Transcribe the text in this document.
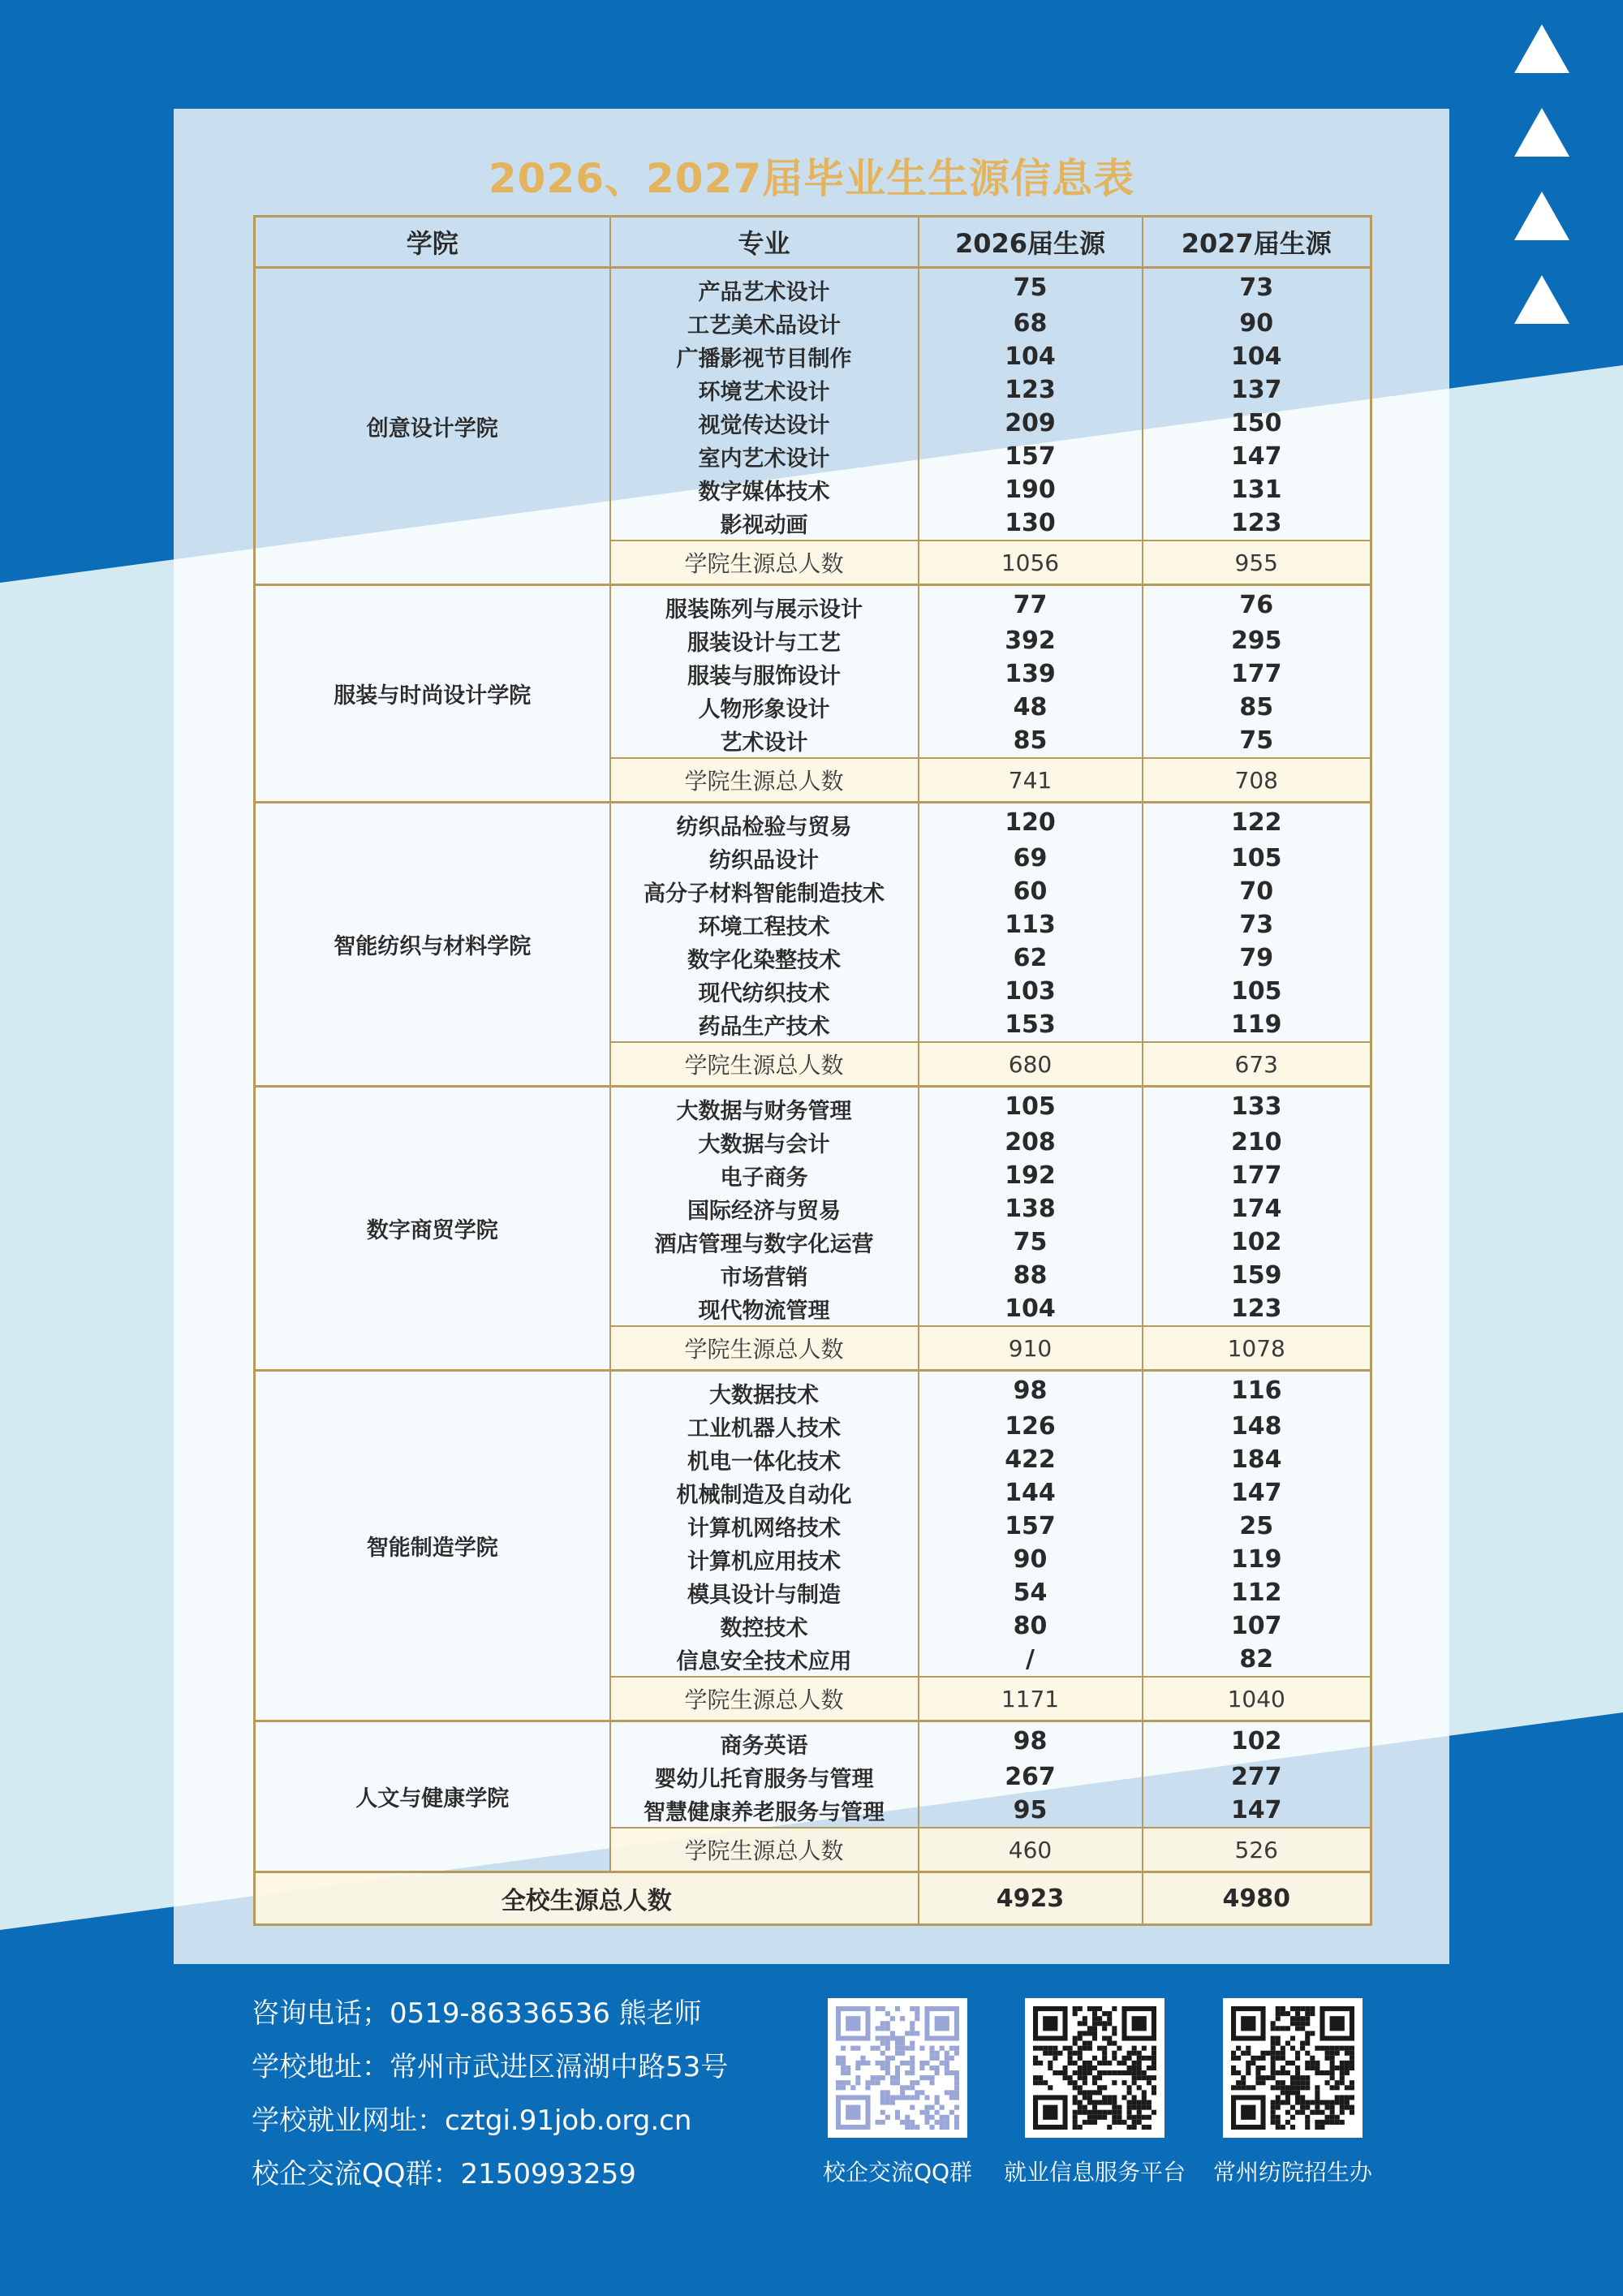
2026、2027届毕业生生源信息表
学院	专业	2026届生源	2027届生源
创意设计学院	产品艺术设计	75	73
	工艺美术品设计	68	90
	广播影视节目制作	104	104
	环境艺术设计	123	137
	视觉传达设计	209	150
	室内艺术设计	157	147
	数字媒体技术	190	131
	影视动画	130	123
	学院生源总人数	1056	955
服装与时尚设计学院	服装陈列与展示设计	77	76
	服装设计与工艺	392	295
	服装与服饰设计	139	177
	人物形象设计	48	85
	艺术设计	85	75
	学院生源总人数	741	708
智能纺织与材料学院	纺织品检验与贸易	120	122
	纺织品设计	69	105
	高分子材料智能制造技术	60	70
	环境工程技术	113	73
	数字化染整技术	62	79
	现代纺织技术	103	105
	药品生产技术	153	119
	学院生源总人数	680	673
数字商贸学院	大数据与财务管理	105	133
	大数据与会计	208	210
	电子商务	192	177
	国际经济与贸易	138	174
	酒店管理与数字化运营	75	102
	市场营销	88	159
	现代物流管理	104	123
	学院生源总人数	910	1078
智能制造学院	大数据技术	98	116
	工业机器人技术	126	148
	机电一体化技术	422	184
	机械制造及自动化	144	147
	计算机网络技术	157	25
	计算机应用技术	90	119
	模具设计与制造	54	112
	数控技术	80	107
	信息安全技术应用	/	82
	学院生源总人数	1171	1040
人文与健康学院	商务英语	98	102
	婴幼儿托育服务与管理	267	277
	智慧健康养老服务与管理	95	147
	学院生源总人数	460	526
全校生源总人数		4923	4980
咨询电话；0519-86336536 熊老师
学校地址：常州市武进区滆湖中路53号
学校就业网址：cztgi.91job.org.cn
校企交流QQ群：2150993259	校企交流QQ群	就业信息服务平台	常州纺院招生办
